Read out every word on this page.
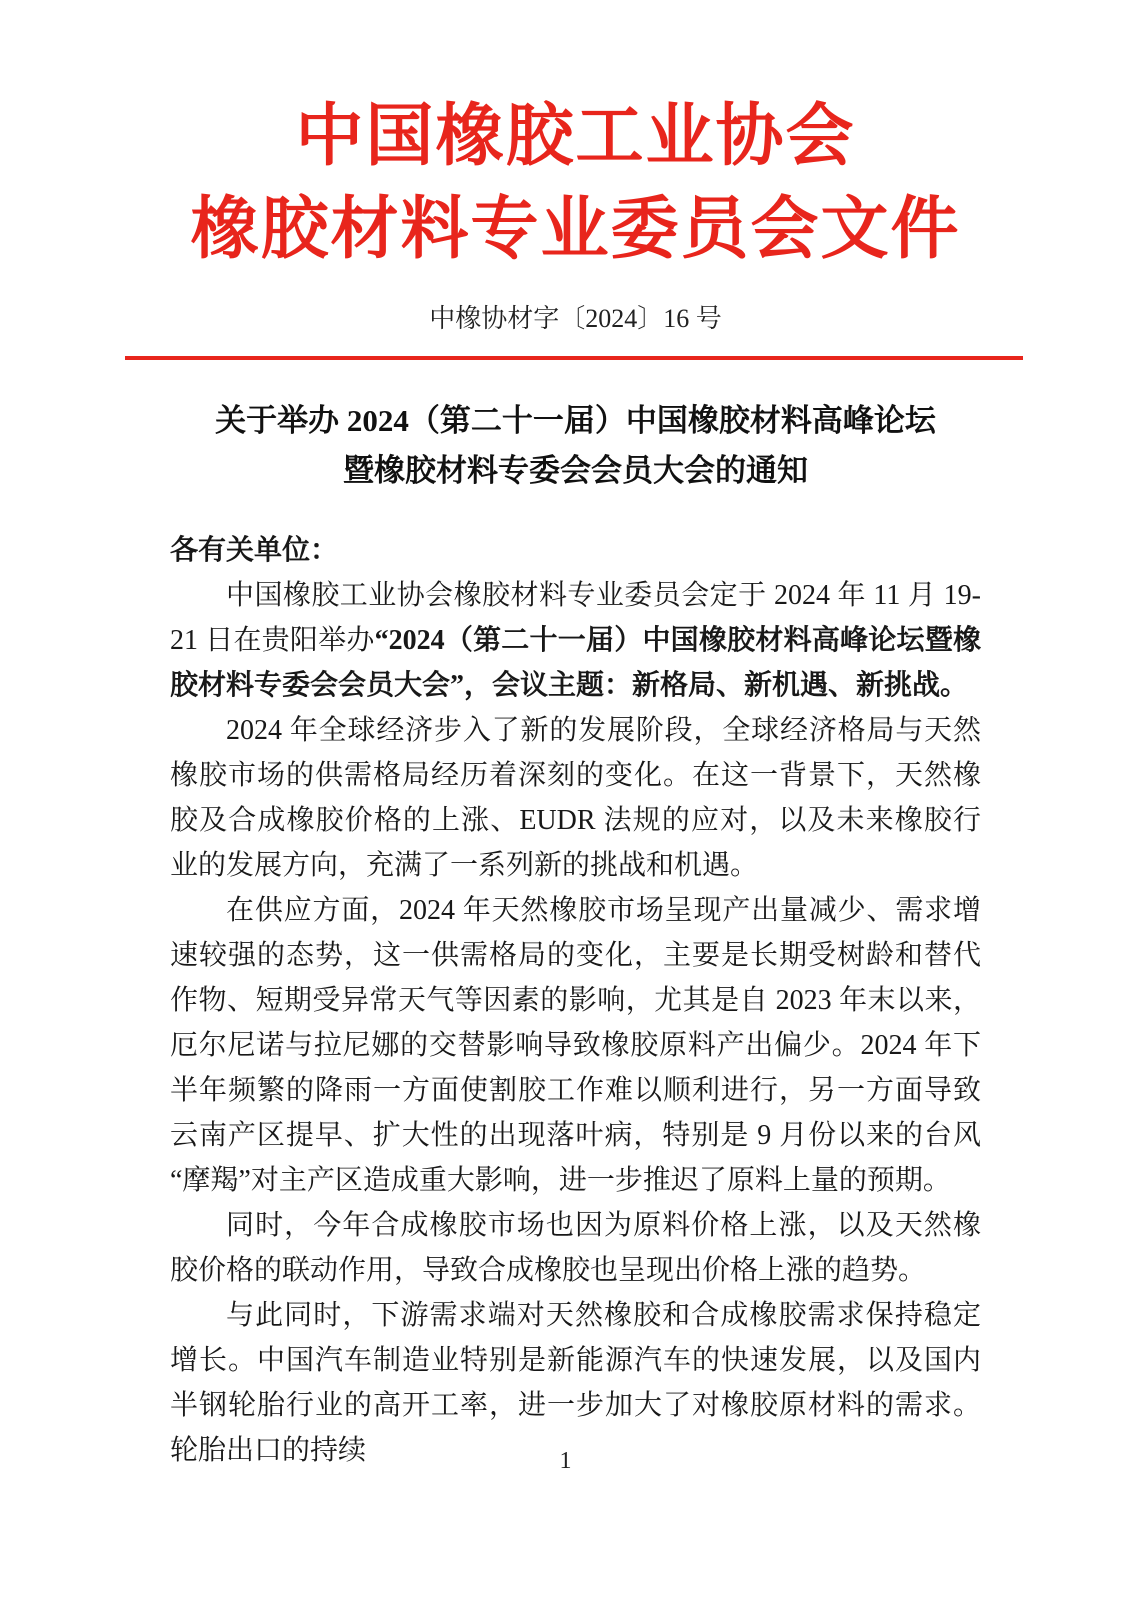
中国橡胶工业协会
橡胶材料专业委员会文件
中橡协材字〔2024〕16 号
关于举办 2024（第二十一届）中国橡胶材料高峰论坛
暨橡胶材料专委会会员大会的通知

各有关单位：

中国橡胶工业协会橡胶材料专业委员会定于 2024 年 11 月 19-21 日在贵阳举办“2024（第二十一届）中国橡胶材料高峰论坛暨橡胶材料专委会会员大会”，会议主题：新格局、新机遇、新挑战。

2024 年全球经济步入了新的发展阶段，全球经济格局与天然橡胶市场的供需格局经历着深刻的变化。在这一背景下，天然橡胶及合成橡胶价格的上涨、EUDR 法规的应对，以及未来橡胶行业的发展方向，充满了一系列新的挑战和机遇。

在供应方面，2024 年天然橡胶市场呈现产出量减少、需求增速较强的态势，这一供需格局的变化，主要是长期受树龄和替代作物、短期受异常天气等因素的影响，尤其是自 2023 年末以来，厄尔尼诺与拉尼娜的交替影响导致橡胶原料产出偏少。2024 年下半年频繁的降雨一方面使割胶工作难以顺利进行，另一方面导致云南产区提早、扩大性的出现落叶病，特别是 9 月份以来的台风“摩羯”对主产区造成重大影响，进一步推迟了原料上量的预期。

同时，今年合成橡胶市场也因为原料价格上涨，以及天然橡胶价格的联动作用，导致合成橡胶也呈现出价格上涨的趋势。

与此同时，下游需求端对天然橡胶和合成橡胶需求保持稳定增长。中国汽车制造业特别是新能源汽车的快速发展，以及国内半钢轮胎行业的高开工率，进一步加大了对橡胶原材料的需求。轮胎出口的持续	1
